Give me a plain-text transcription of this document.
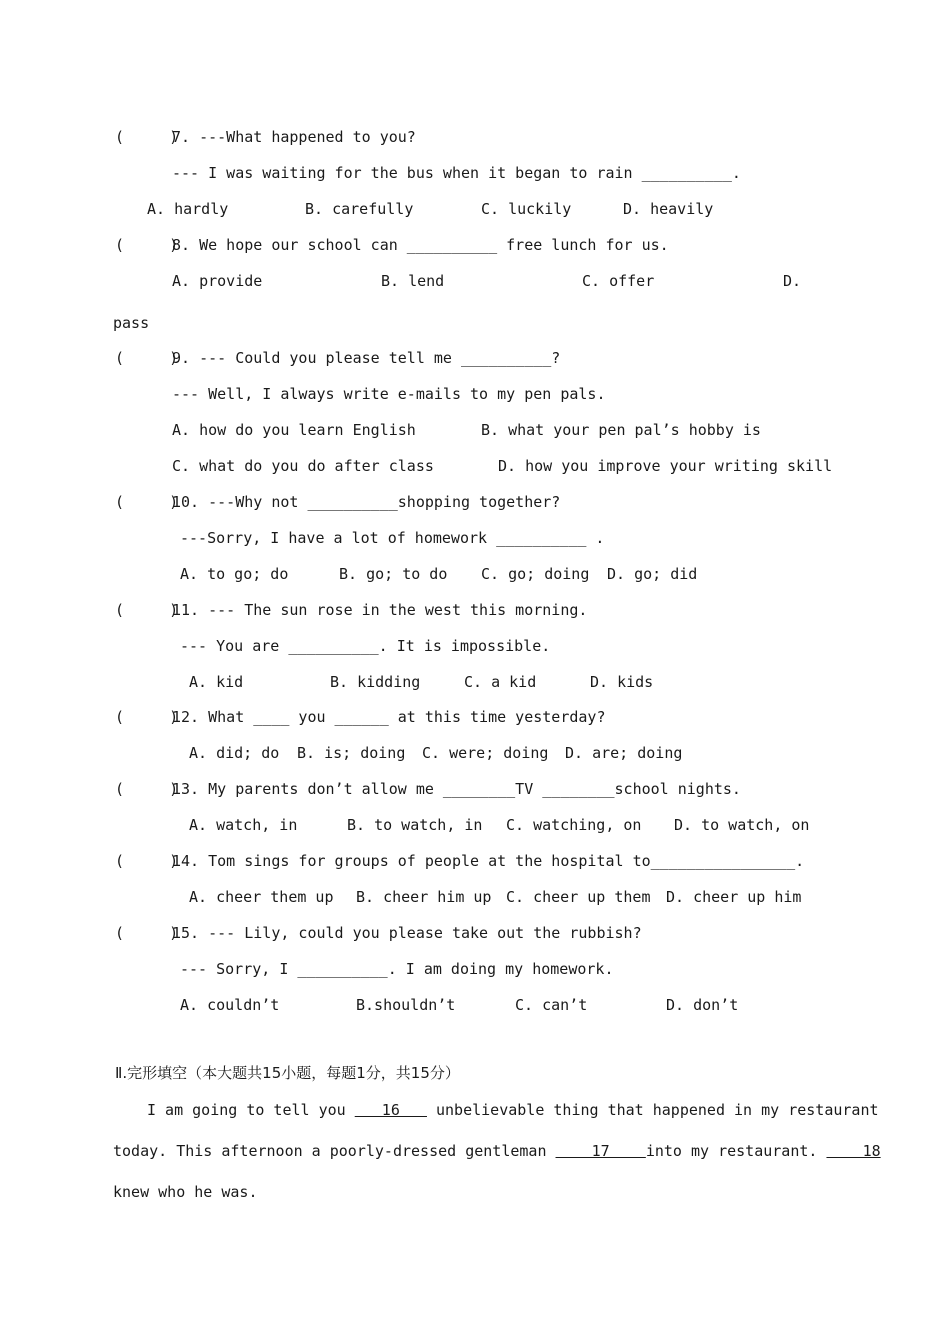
(     )
7. ---What happened to you?
--- I was waiting for the bus when it began to rain __________.
A. hardly	B. carefully	C. luckily	D. heavily
(     )
8. We hope our school can __________ free lunch for us.
A. provide	B. lend	C. offer	D.
pass
(     )
9. --- Could you please tell me __________?
--- Well, I always write e-mails to my pen pals.
A. how do you learn English	B. what your pen pal’s hobby is
C. what do you do after class	D. how you improve your writing skill
(     )
10. ---Why not __________shopping together?
---Sorry, I have a lot of homework __________ .
A. to go; do	B. go; to do C. go; doing D. go; did
(     )
11. --- The sun rose in the west this morning.
--- You are __________. It is impossible.
A. kid	B. kidding	C. a kid	D. kids
(     )
12. What ____ you ______ at this time yesterday?
A. did; do B. is; doing C. were; doing D. are; doing
(     )
13. My parents don’t allow me ________TV ________school nights.
A. watch, in	B. to watch, in C. watching, on D. to watch, on
(     )
14. Tom sings for groups of people at the hospital to________________.
A. cheer them up B. cheer him up C. cheer up them D. cheer up him
(     )
15. --- Lily, could you please take out the rubbish?
--- Sorry, I __________. I am doing my homework.
A. couldn’t	B.shouldn’t	C. can’t	D. don’t
Ⅱ.完形填空（本大题共15小题，每题1分，共15分）
I am going to tell you    16    unbelievable thing that happened in my restaurant
today. This afternoon a poorly-dressed gentleman     17    into my restaurant.     18
knew who he was.
